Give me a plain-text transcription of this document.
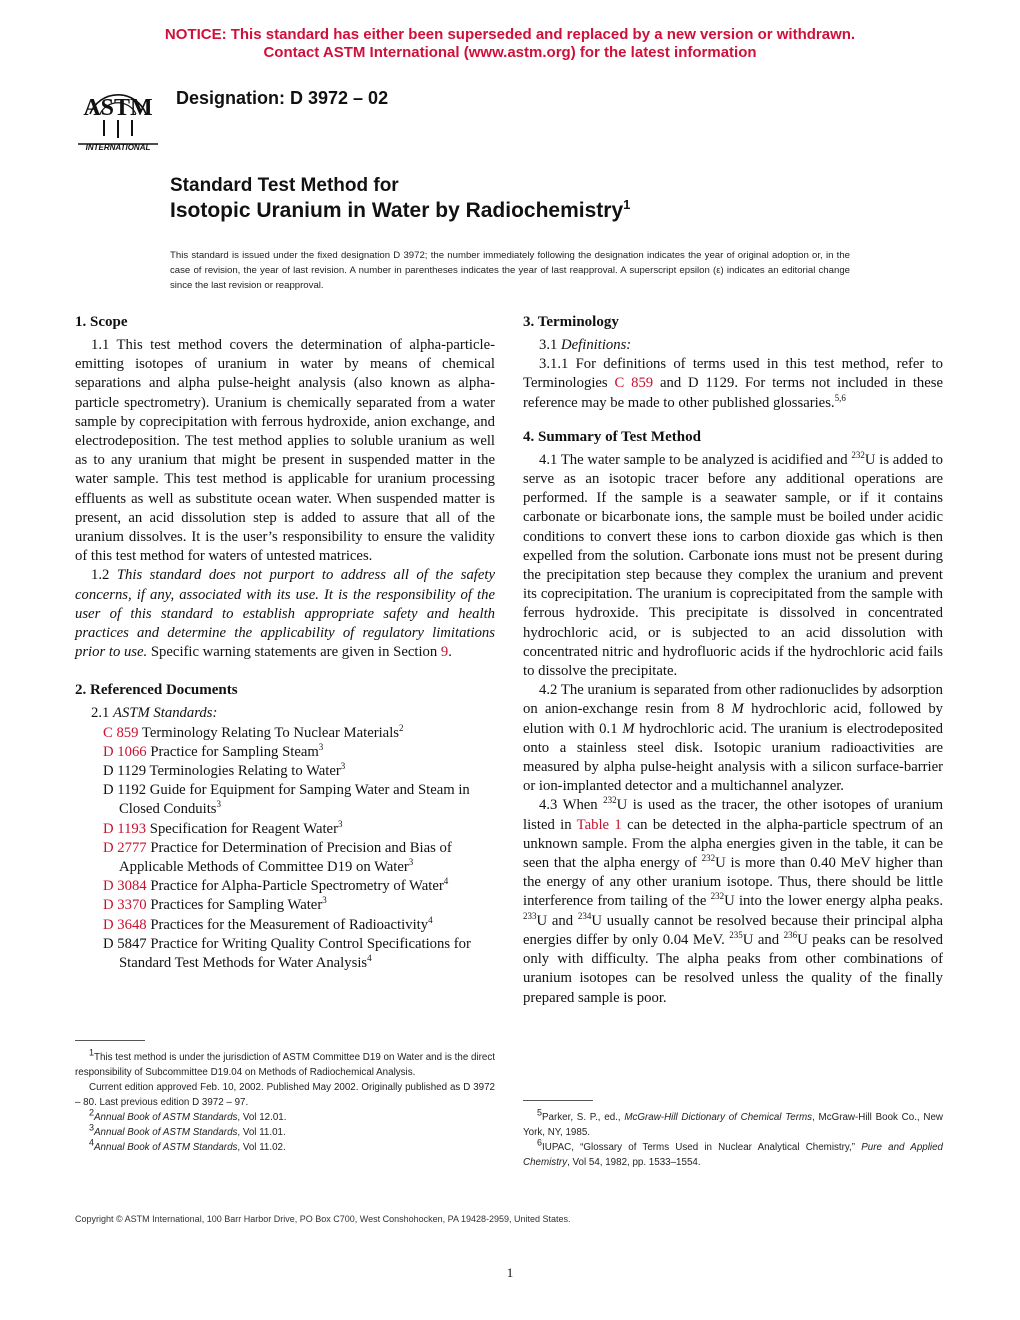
NOTICE: This standard has either been superseded and replaced by a new version or withdrawn.
Contact ASTM International (www.astm.org) for the latest information
ASTM
INTERNATIONAL
Designation: D 3972 – 02
Standard Test Method for
Isotopic Uranium in Water by Radiochemistry$^1$
This standard is issued under the fixed designation D 3972; the number immediately following the designation indicates the year of original adoption or, in the case of revision, the year of last revision. A number in parentheses indicates the year of last reapproval. A superscript epsilon (ε) indicates an editorial change since the last revision or reapproval.
1. Scope

1.1 This test method covers the determination of alpha-particle-emitting isotopes of uranium in water by means of chemical separations and alpha pulse-height analysis (also known as alpha-particle spectrometry). Uranium is chemically separated from a water sample by coprecipitation with ferrous hydroxide, anion exchange, and electrodeposition. The test method applies to soluble uranium as well as to any uranium that might be present in suspended matter in the water sample. This test method is applicable for uranium processing effluents as well as substitute ocean water. When suspended matter is present, an acid dissolution step is added to assure that all of the uranium dissolves. It is the user’s responsibility to ensure the validity of this test method for waters of untested matrices.

1.2 This standard does not purport to address all of the safety concerns, if any, associated with its use. It is the responsibility of the user of this standard to establish appropriate safety and health practices and determine the applicability of regulatory limitations prior to use. Specific warning statements are given in Section 9.

2. Referenced Documents

2.1 ASTM Standards:

C 859 Terminology Relating To Nuclear Materials$^2$
D 1066 Practice for Sampling Steam$^3$
D 1129 Terminologies Relating to Water$^3$
D 1192 Guide for Equipment for Samping Water and Steam in Closed Conduits$^3$
D 1193 Specification for Reagent Water$^3$
D 2777 Practice for Determination of Precision and Bias of Applicable Methods of Committee D19 on Water$^3$
D 3084 Practice for Alpha-Particle Spectrometry of Water$^4$
D 3370 Practices for Sampling Water$^3$
D 3648 Practices for the Measurement of Radioactivity$^4$
D 5847 Practice for Writing Quality Control Specifications for Standard Test Methods for Water Analysis$^4$

$^1$This test method is under the jurisdiction of ASTM Committee D19 on Water and is the direct responsibility of Subcommittee D19.04 on Methods of Radiochemical Analysis.

Current edition approved Feb. 10, 2002. Published May 2002. Originally published as D 3972 – 80. Last previous edition D 3972 – 97.

$^2$Annual Book of ASTM Standards, Vol 12.01.

$^3$Annual Book of ASTM Standards, Vol 11.01.

$^4$Annual Book of ASTM Standards, Vol 11.02.

3. Terminology

3.1 Definitions:

3.1.1 For definitions of terms used in this test method, refer to Terminologies C 859 and D 1129. For terms not included in these reference may be made to other published glossaries.$^{5,6}$

4. Summary of Test Method

4.1 The water sample to be analyzed is acidified and $^{232}$U is added to serve as an isotopic tracer before any additional operations are performed. If the sample is a seawater sample, or if it contains carbonate or bicarbonate ions, the sample must be boiled under acidic conditions to convert these ions to carbon dioxide gas which is then expelled from the solution. Carbonate ions must not be present during the precipitation step because they complex the uranium and prevent its coprecipitation. The uranium is coprecipitated from the sample with ferrous hydroxide. This precipitate is dissolved in concentrated hydrochloric acid, or is subjected to an acid dissolution with concentrated nitric and hydrofluoric acids if the hydrochloric acid fails to dissolve the precipitate.

4.2 The uranium is separated from other radionuclides by adsorption on anion-exchange resin from 8 M hydrochloric acid, followed by elution with 0.1 M hydrochloric acid. The uranium is electrodeposited onto a stainless steel disk. Isotopic uranium radioactivities are measured by alpha pulse-height analysis with a silicon surface-barrier or ion-implanted detector and a multichannel analyzer.

4.3 When $^{232}$U is used as the tracer, the other isotopes of uranium listed in Table 1 can be detected in the alpha-particle spectrum of an unknown sample. From the alpha energies given in the table, it can be seen that the alpha energy of $^{232}$U is more than 0.40 MeV higher than the energy of any other uranium isotope. Thus, there should be little interference from tailing of the $^{232}$U into the lower energy alpha peaks. $^{233}$U and $^{234}$U usually cannot be resolved because their principal alpha energies differ by only 0.04 MeV. $^{235}$U and $^{236}$U peaks can be resolved only with difficulty. The alpha peaks from other combinations of uranium isotopes can be resolved unless the quality of the finally prepared sample is poor.

$^5$Parker, S. P., ed., McGraw-Hill Dictionary of Chemical Terms, McGraw-Hill Book Co., New York, NY, 1985.

$^6$IUPAC, “Glossary of Terms Used in Nuclear Analytical Chemistry,” Pure and Applied Chemistry, Vol 54, 1982, pp. 1533–1554.

Copyright © ASTM International, 100 Barr Harbor Drive, PO Box C700, West Conshohocken, PA 19428-2959, United States.
1
